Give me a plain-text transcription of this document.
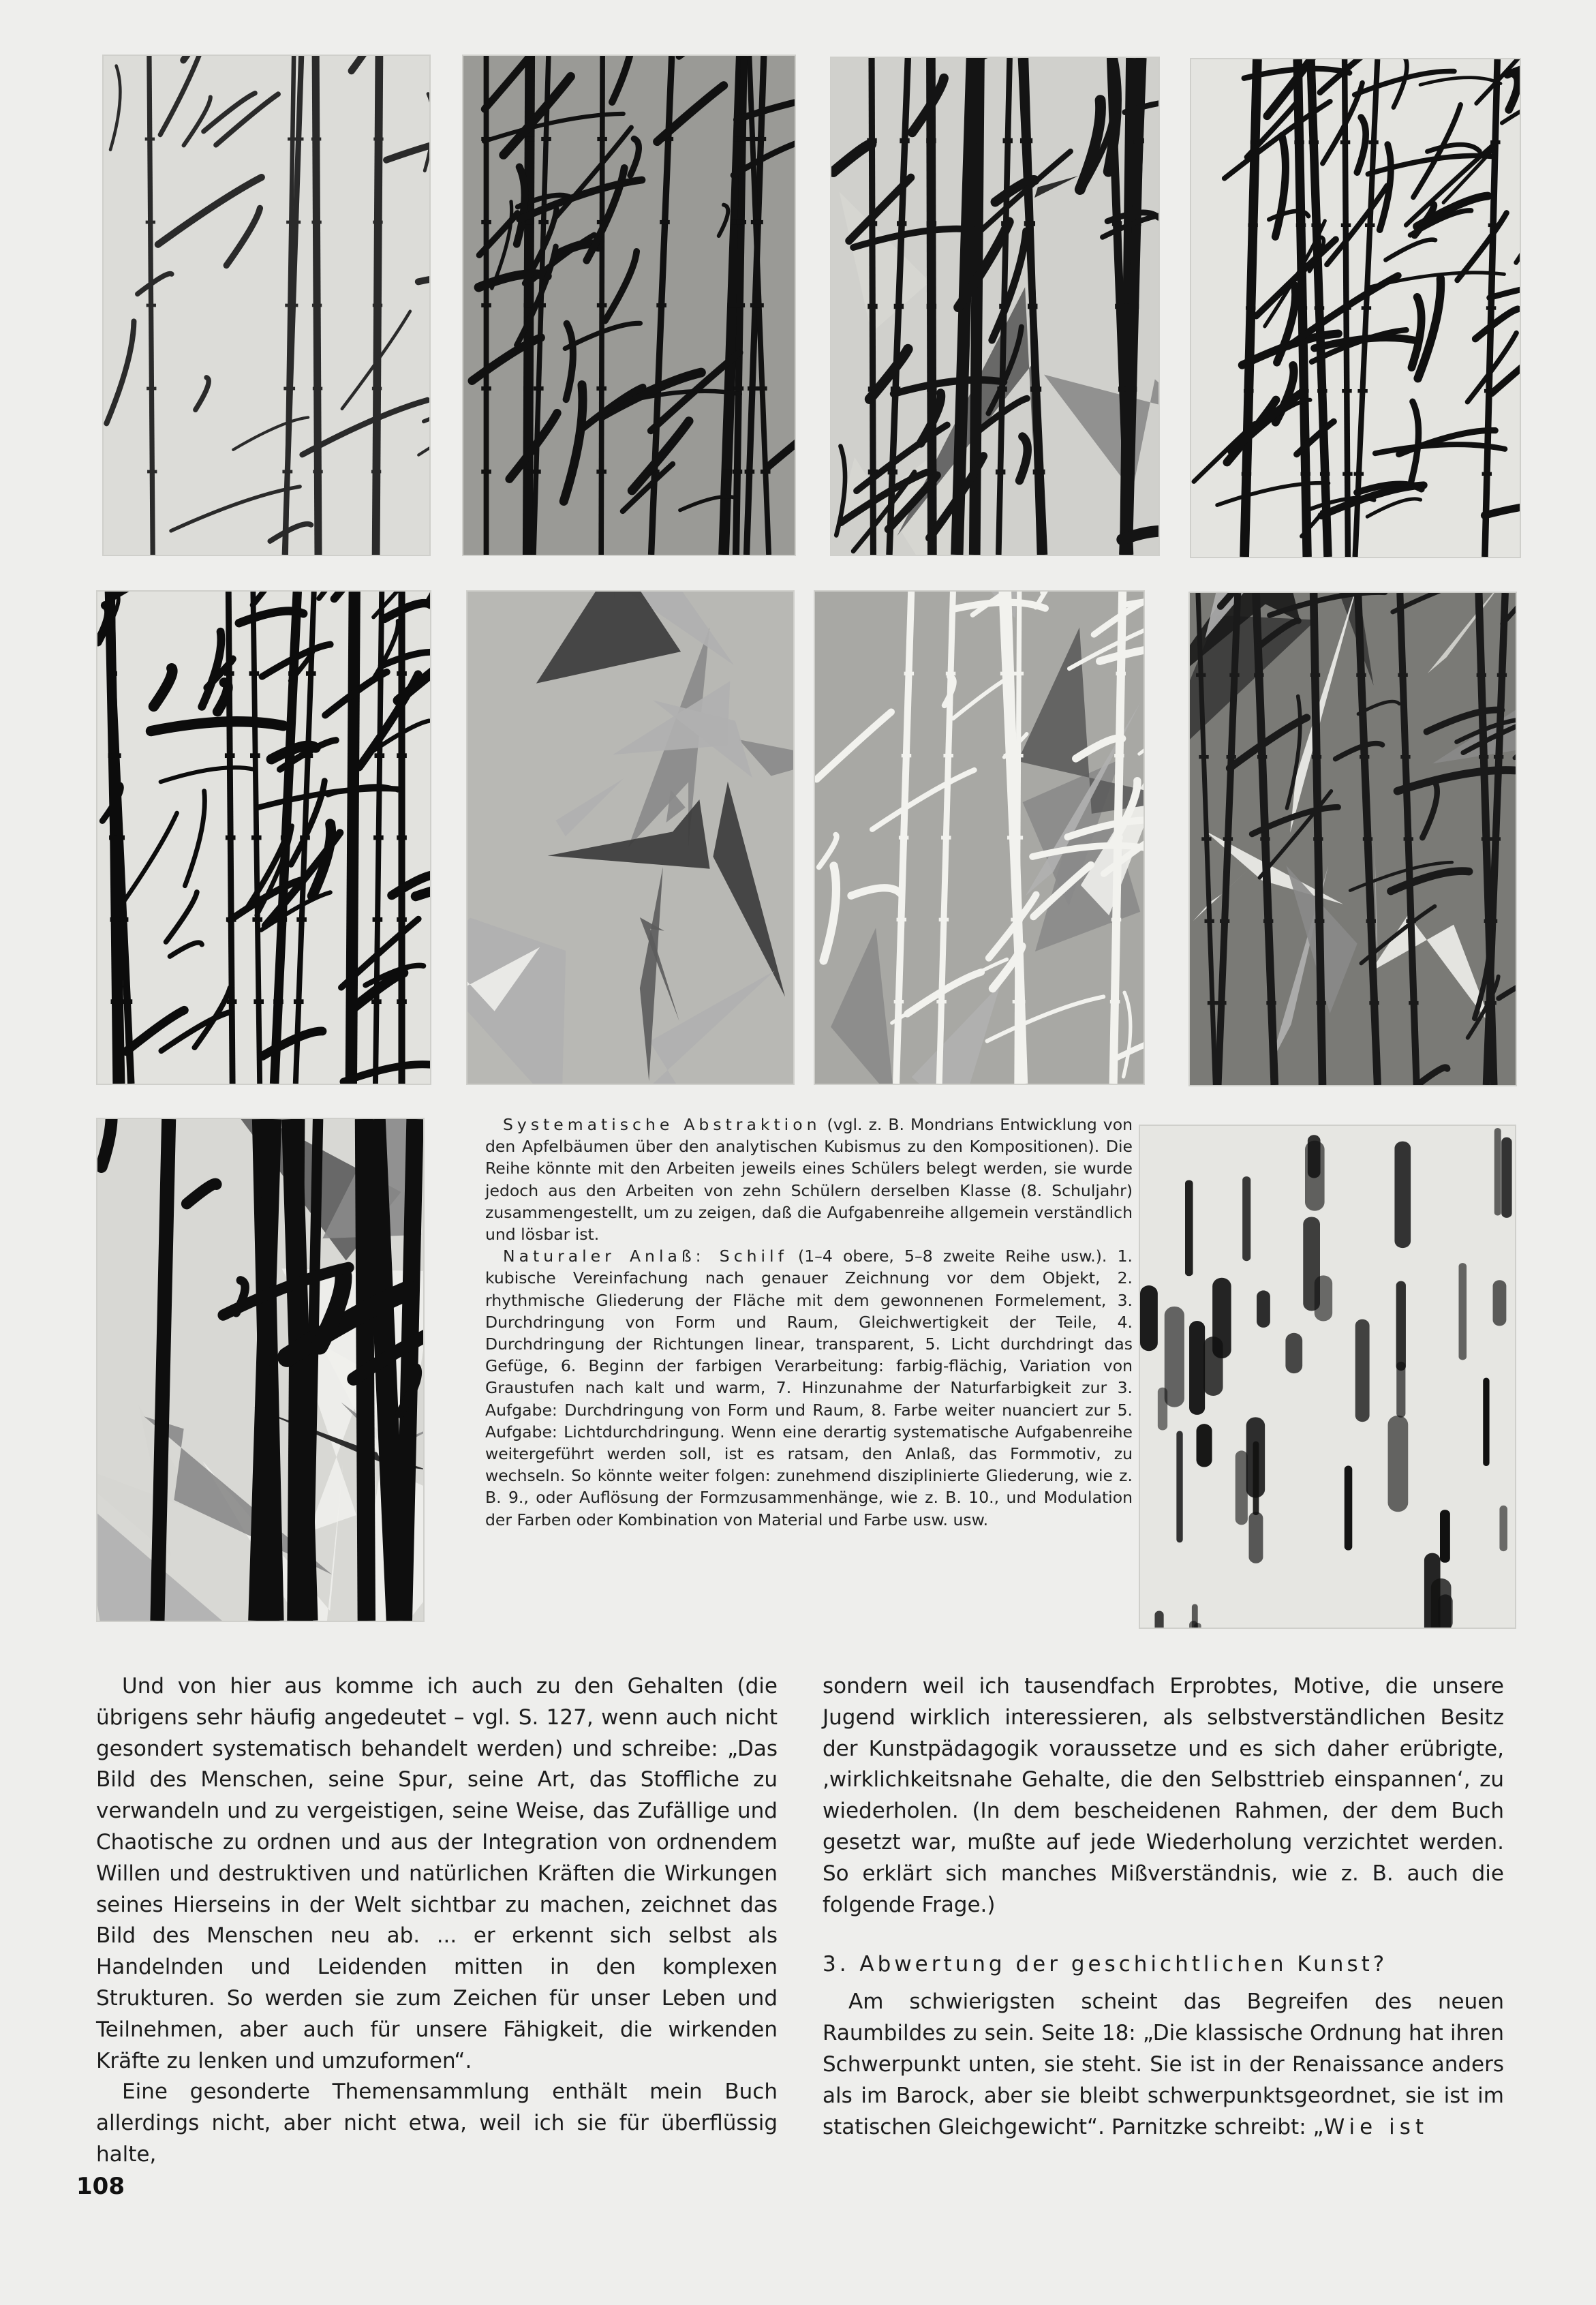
Systematische Abstraktion (vgl. z. B. Mondrians Entwicklung von den Apfelbäumen über den analytischen Kubismus zu den Kompositionen). Die Reihe könnte mit den Arbeiten jeweils eines Schülers belegt werden, sie wurde jedoch aus den Arbeiten von zehn Schülern derselben Klasse (8. Schuljahr) zusammengestellt, um zu zeigen, daß die Aufgabenreihe allgemein verständlich und lösbar ist.

Naturaler Anlaß: Schilf (1–4 obere, 5–8 zweite Reihe usw.). 1. kubische Vereinfachung nach genauer Zeichnung vor dem Objekt, 2. rhythmische Gliederung der Fläche mit dem gewonnenen Formelement, 3. Durchdringung von Form und Raum, Gleichwertigkeit der Teile, 4. Durchdringung der Richtungen linear, transparent, 5. Licht durchdringt das Gefüge, 6. Beginn der farbigen Verarbeitung: farbig-flächig, Variation von Graustufen nach kalt und warm, 7. Hinzunahme der Naturfarbigkeit zur 3. Aufgabe: Durchdringung von Form und Raum, 8. Farbe weiter nuanciert zur 5. Aufgabe: Lichtdurchdringung. Wenn eine derartig systematische Aufgabenreihe weitergeführt werden soll, ist es ratsam, den Anlaß, das Formmotiv, zu wechseln. So könnte weiter folgen: zunehmend disziplinierte Gliederung, wie z. B. 9., oder Auflösung der Formzusammenhänge, wie z. B. 10., und Modulation der Farben oder Kombination von Material und Farbe usw. usw.

Und von hier aus komme ich auch zu den Gehalten (die übrigens sehr häufig angedeutet – vgl. S. 127, wenn auch nicht gesondert systematisch behandelt werden) und schreibe: „Das Bild des Menschen, seine Spur, seine Art, das Stoffliche zu verwandeln und zu vergeistigen, seine Weise, das Zufällige und Chaotische zu ordnen und aus der Integration von ordnendem Willen und destruktiven und natürlichen Kräften die Wirkungen seines Hierseins in der Welt sichtbar zu machen, zeichnet das Bild des Menschen neu ab. ... er erkennt sich selbst als Handelnden und Leidenden mitten in den komplexen Strukturen. So werden sie zum Zeichen für unser Leben und Teilnehmen, aber auch für unsere Fähigkeit, die wirkenden Kräfte zu lenken und umzuformen“.

Eine gesonderte Themensammlung enthält mein Buch allerdings nicht, aber nicht etwa, weil ich sie für überflüssig halte,

sondern weil ich tausendfach Erprobtes, Motive, die unsere Jugend wirklich interessieren, als selbstverständlichen Besitz der Kunstpädagogik voraussetze und es sich daher erübrigte, ‚wirklichkeitsnahe Gehalte, die den Selbsttrieb einspannen‘, zu wiederholen. (In dem bescheidenen Rahmen, der dem Buch gesetzt war, mußte auf jede Wiederholung verzichtet werden. So erklärt sich manches Mißverständnis, wie z. B. auch die folgende Frage.)

3. Abwertung der geschichtlichen Kunst?

Am schwierigsten scheint das Begreifen des neuen Raumbildes zu sein. Seite 18: „Die klassische Ordnung hat ihren Schwerpunkt unten, sie steht. Sie ist in der Renaissance anders als im Barock, aber sie bleibt schwerpunktsgeordnet, sie ist im statischen Gleichgewicht“. Parnitzke schreibt: „Wie ist

108
